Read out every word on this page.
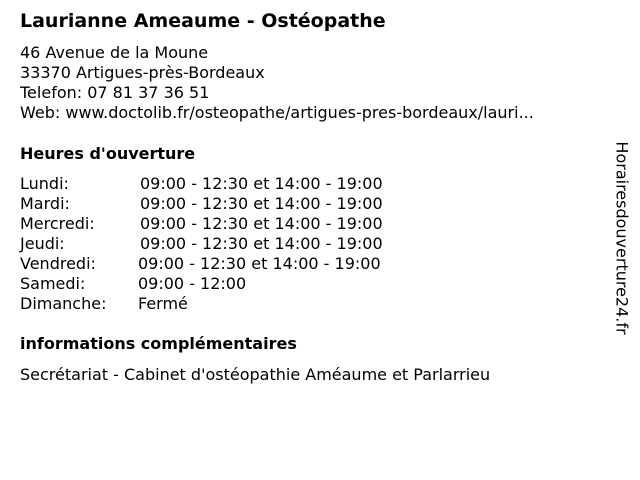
Laurianne Ameaume - Ostéopathe
46 Avenue de la Moune
33370 Artigues-près-Bordeaux
Telefon: 07 81 37 36 51
Web: www.doctolib.fr/osteopathe/artigues-pres-bordeaux/lauri...
Heures d'ouverture
Lundi:	09:00 - 12:30 et 14:00 - 19:00
Mardi:	09:00 - 12:30 et 14:00 - 19:00
Mercredi:	09:00 - 12:30 et 14:00 - 19:00
Jeudi:	09:00 - 12:30 et 14:00 - 19:00
Vendredi:	09:00 - 12:30 et 14:00 - 19:00
Samedi:	09:00 - 12:00
Dimanche: Fermé
informations complémentaires
Secrétariat - Cabinet d'ostéopathie Améaume et Parlarrieu
Horairesdouverture24.fr
